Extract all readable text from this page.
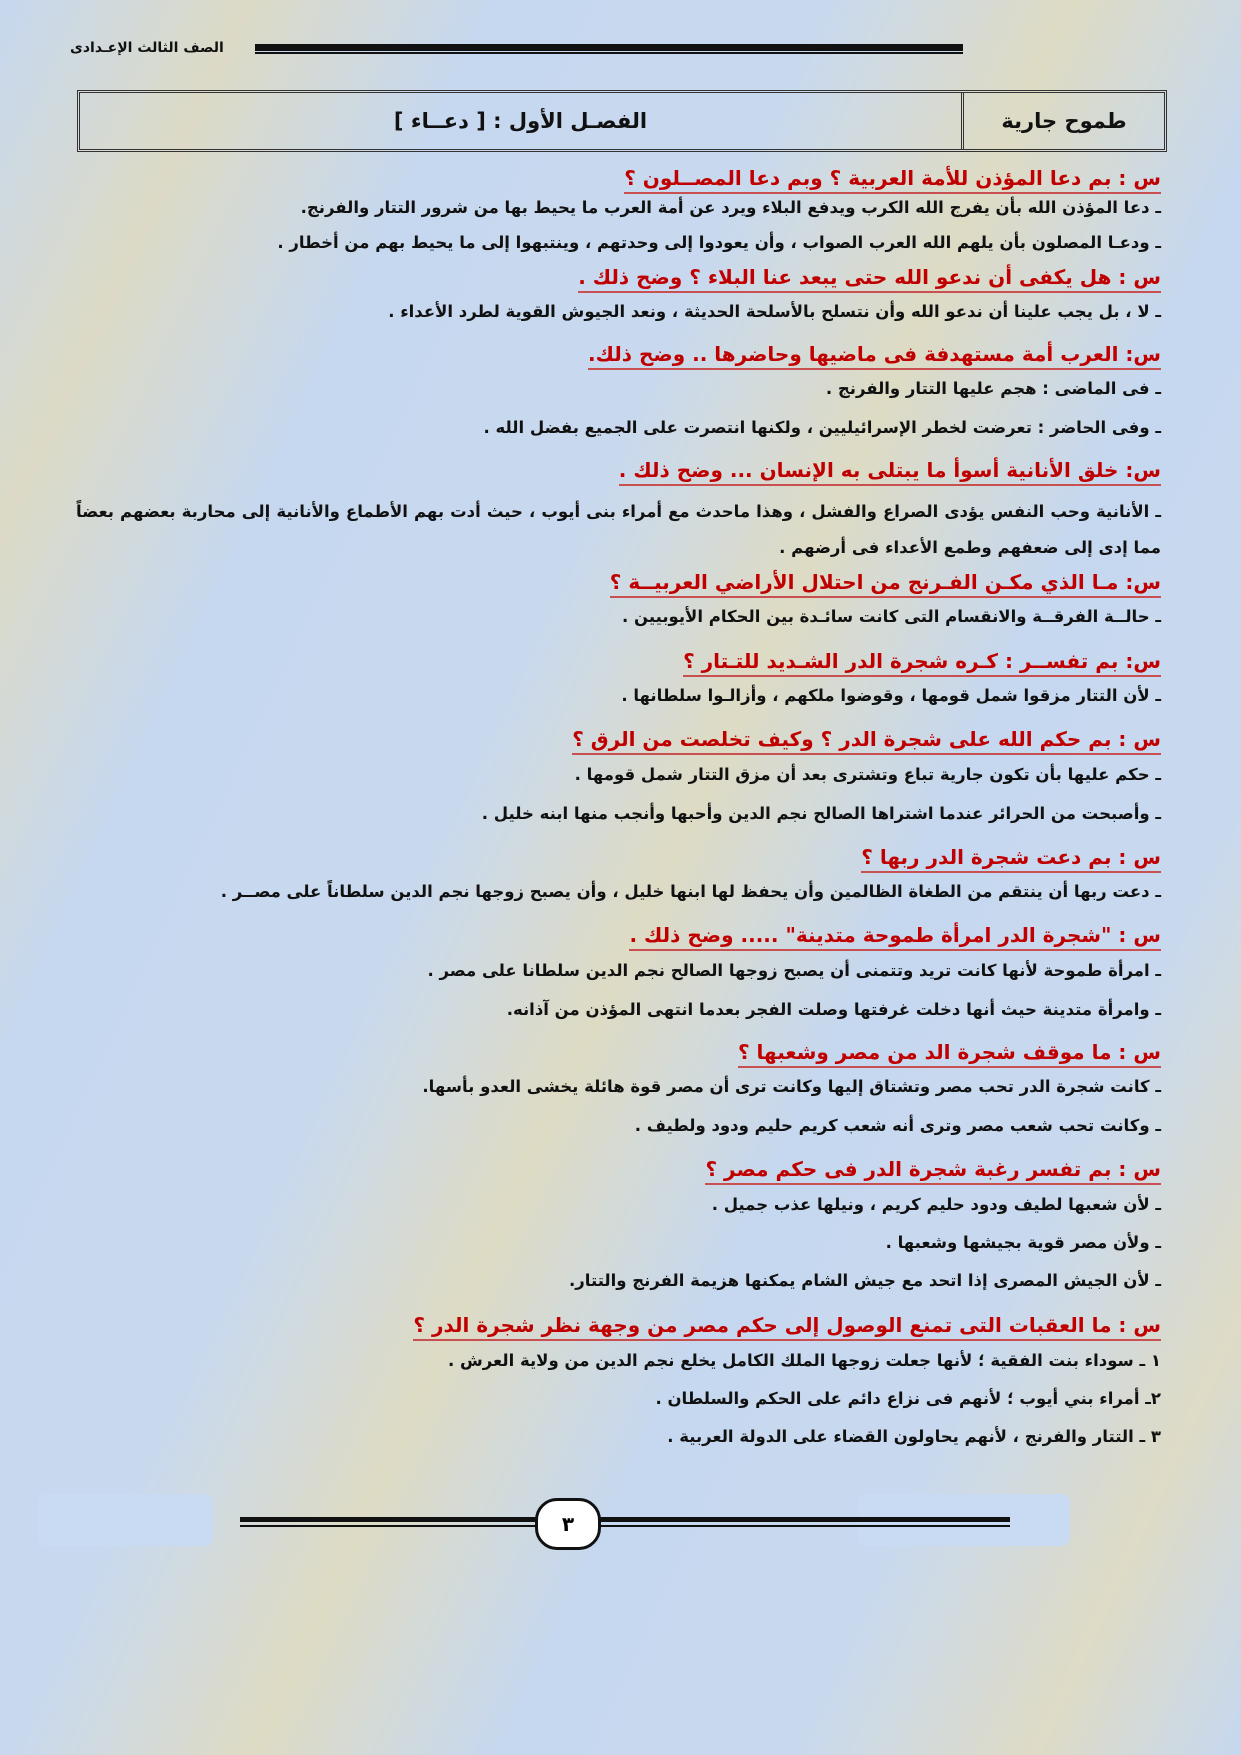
الصف الثالث الإعـدادى
طموح جارية
الفصـل الأول : [ دعــاء ]
س : بم دعا المؤذن للأمة العربية ؟ وبم دعا المصــلون ؟
ـ دعا المؤذن الله بأن يفرج الله الكرب ويدفع البلاء ويرد عن أمة العرب ما يحيط بها من شرور التتار والفرنج.
ـ ودعـا المصلون بأن يلهم الله العرب الصواب ، وأن يعودوا إلى وحدتهم ، وينتبهوا إلى ما يحيط بهم من أخطار .
س : هل يكفى أن ندعو الله حتى يبعد عنا البلاء ؟ وضح ذلك .
ـ لا ، بل يجب علينا أن ندعو الله وأن نتسلح بالأسلحة الحديثة ، ونعد الجيوش القوية لطرد الأعداء .
س: العرب أمة مستهدفة فى ماضيها وحاضرها .. وضح ذلك.
ـ فى الماضى : هجم عليها التتار والفرنج .
ـ وفى الحاضر : تعرضت لخطر الإسرائيليين ، ولكنها انتصرت على الجميع بفضل الله .
س: خلق الأنانية أسوأ ما يبتلى به الإنسان ... وضح ذلك .
ـ الأنانية وحب النفس يؤدى الصراع والفشل ، وهذا ماحدث مع أمراء بنى أيوب ، حيث أدت بهم الأطماع والأنانية إلى محاربة بعضهم بعضاً مما إدى إلى ضعفهم وطمع الأعداء فى أرضهم .
س: مـا الذي مكـن الفـرنج من احتلال الأراضي العربيــة ؟
ـ حالــة الفرقــة والانقسام التى كانت سائـدة بين الحكام الأيوبيين .
س: بم تفســر : كـره شجرة الدر الشـديد للتـتار ؟
ـ لأن التتار مزقوا شمل قومها ، وقوضوا ملكهم ، وأزالـوا سلطانها .
س : بم حكم الله على شجرة الدر ؟ وكيف تخلصت من الرق ؟
ـ حكم عليها بأن تكون جارية تباع وتشترى بعد أن مزق التتار شمل قومها .
ـ وأصبحت من الحرائر عندما اشتراها الصالح نجم الدين وأحبها وأنجب منها ابنه خليل .
س : بم دعت شجرة الدر ربها ؟
ـ دعت ربها أن ينتقم من الطغاة الظالمين وأن يحفظ لها ابنها خليل ، وأن يصبح زوجها نجم الدين سلطاناً على مصــر .
س : "شجرة الدر امرأة طموحة متدينة" ..... وضح ذلك .
ـ امرأة طموحة لأنها كانت تريد وتتمنى أن يصبح زوجها الصالح نجم الدين سلطانا على مصر .
ـ وامرأة متدينة حيث أنها دخلت غرفتها وصلت الفجر بعدما انتهى المؤذن من آذانه.
س : ما موقف شجرة الد من مصر وشعبها ؟
ـ كانت شجرة الدر تحب مصر وتشتاق إليها وكانت ترى أن مصر قوة هائلة يخشى العدو بأسها.
ـ وكانت تحب شعب مصر وترى أنه شعب كريم حليم ودود ولطيف .
س : بم تفسر رغبة شجرة الدر فى حكم مصر ؟
ـ لأن شعبها لطيف ودود حليم كريم ، ونيلها عذب جميل .
ـ ولأن مصر قوية بجيشها وشعبها .
ـ لأن الجيش المصرى إذا اتحد مع جيش الشام يمكنها هزيمة الفرنج والتتار.
س : ما العقبات التى تمنع الوصول إلى حكم مصر من وجهة نظر شجرة الدر ؟
١ ـ سوداء بنت الفقية ؛ لأنها جعلت زوجها الملك الكامل يخلع نجم الدين من ولاية العرش .
٢ـ أمراء بني أيوب ؛ لأنهم فى نزاع دائم على الحكم والسلطان .
٣ ـ التتار والفرنج ، لأنهم يحاولون القضاء على الدولة العربية .
٣
